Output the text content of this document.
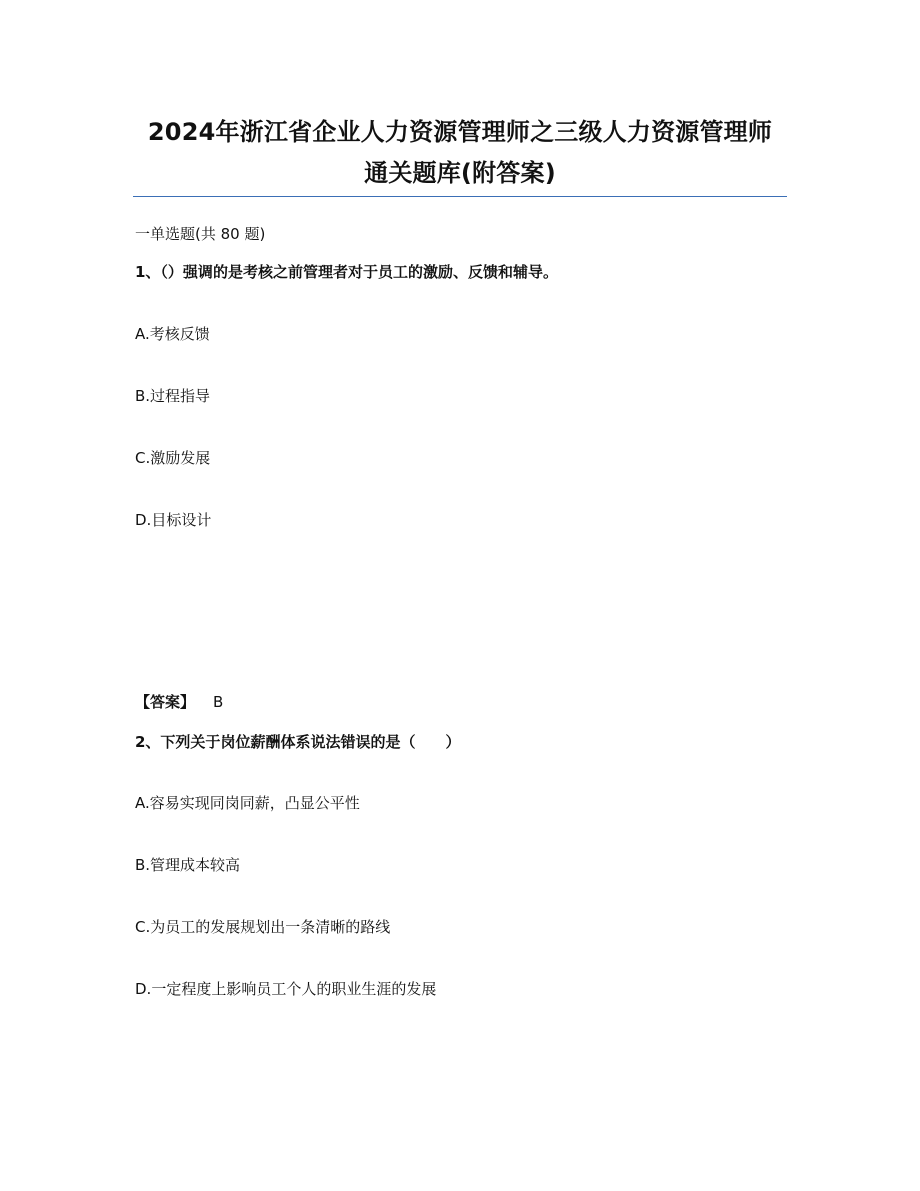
2024年浙江省企业人力资源管理师之三级人力资源管理师
通关题库(附答案)
一单选题(共 80 题)
1、（）强调的是考核之前管理者对于员工的激励、反馈和辅导。
A.考核反馈
B.过程指导
C.激励发展
D.目标设计
【答案】 B
2、下列关于岗位薪酬体系说法错误的是（　　）
A.容易实现同岗同薪，凸显公平性
B.管理成本较高
C.为员工的发展规划出一条清晰的路线
D.一定程度上影响员工个人的职业生涯的发展
